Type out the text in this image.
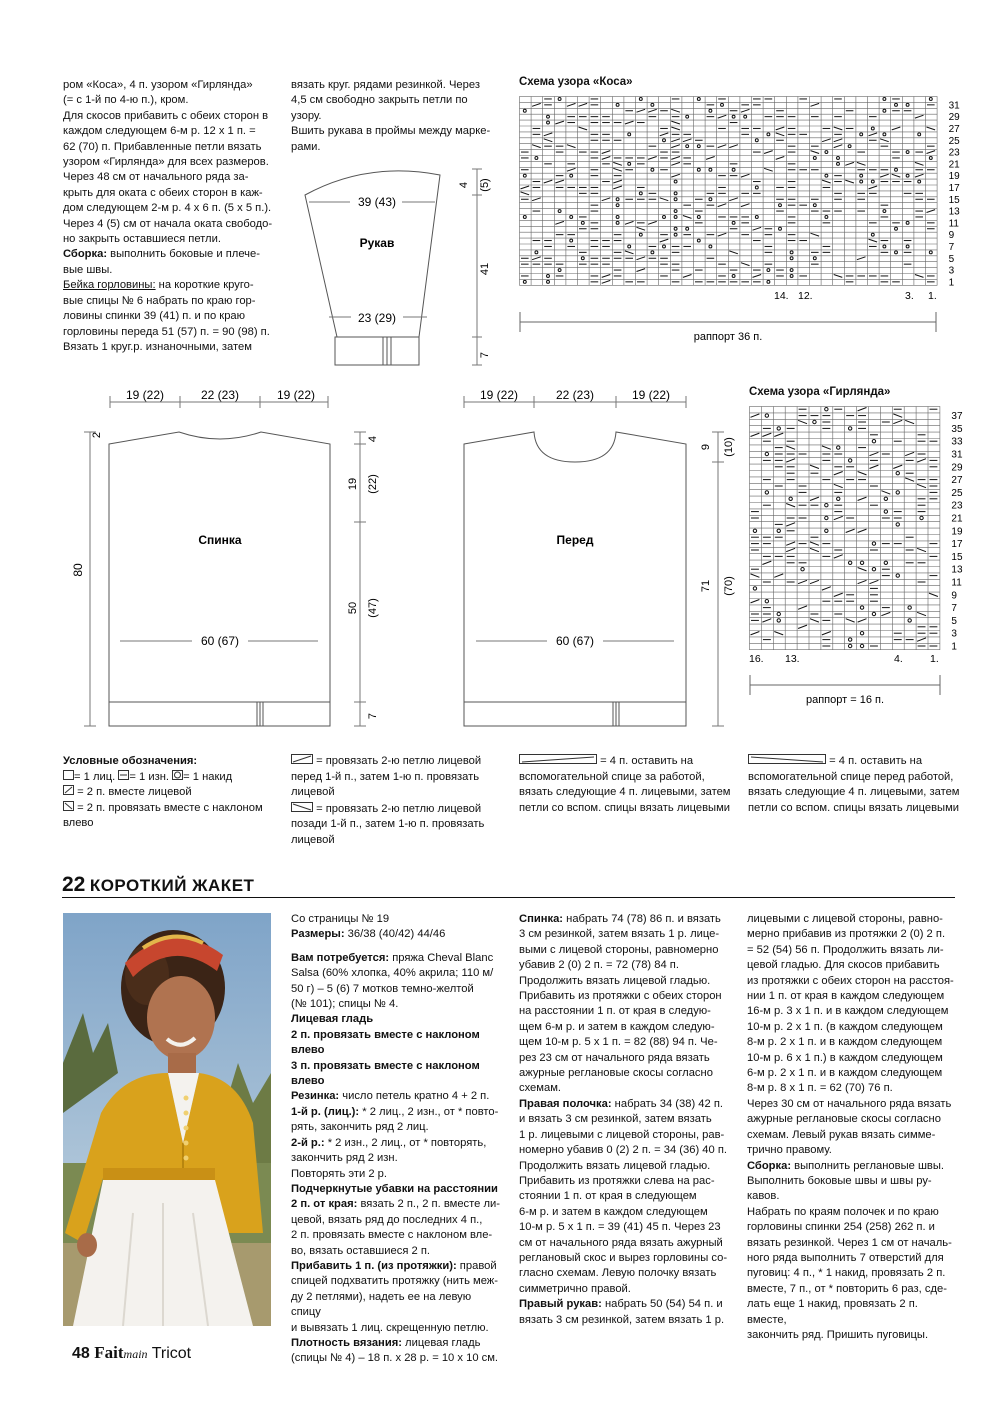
ром «Коса», 4 п. узором «Гирлянда»

(= с 1-й по 4-ю п.), кром.

Для скосов прибавить с обеих сторон в

каждом следующем 6-м р. 12 х 1 п. =

62 (70) п. Прибавленные петли вязать

узором «Гирлянда» для всех размеров.

Через 48 см от начального ряда за-

крыть для оката с обеих сторон в каж-

дом следующем 2-м р. 4 х 6 п. (5 х 5 п.).

Через 4 (5) см от начала оката свободо-

но закрыть оставшиеся петли.

Сборка: выполнить боковые и плече-

вые швы.

Бейка горловины: на короткие круго-

вые спицы № 6 набрать по краю гор-

ловины спинки 39 (41) п. и по краю

горловины переда 51 (57) п. = 90 (98) п.

Вязать 1 круг.р. изнаночными, затем

вязать круг. рядами резинкой. Через

4,5 см свободно закрыть петли по

узору.

Вшить рукава в проймы между марке-

рами.

39 (43)
Рукав
23 (29)
4 (5)
41
7
Схема узора «Коса»
31
29
27
25
23
21
19
17
15
13
11
9
7
5
3
1
14. 12.	3. 1.
раппорт 36 п.
19 (22)	22 (23)	19 (22)
Спинка
60 (67)
80
2
4
19 (22)
50 (47)
7
19 (22)	22 (23)	19 (22)
Перед
60 (67)
9 (10)
71 (70)
Схема узора «Гирлянда»
37
35
33
31
29
27
25
23
21
19
17
15
13
11
9
7
5
3
1
16. 13.	4.	1.
раппорт = 16 п.
Условные обозначения:
= 1 лиц. = 1 изн. = 1 накид
= 2 п. вместе лицевой
= 2 п. провязать вместе с наклоном
влево
= провязать 2-ю петлю лицевой
перед 1-й п., затем 1-ю п. провязать
лицевой
= провязать 2-ю петлю лицевой
позади 1-й п., затем 1-ю п. провязать
лицевой
= 4 п. оставить на
вспомогательной спице за работой,
вязать следующие 4 п. лицевыми, затем
петли со вспом. спицы вязать лицевыми
= 4 п. оставить на
вспомогательной спице перед работой,
вязать следующие 4 п. лицевыми, затем
петли со вспом. спицы вязать лицевыми
22 КОРОТКИЙ ЖАКЕТ

Со страницы № 19

Размеры: 36/38 (40/42) 44/46

Вам потребуется: пряжа Cheval Blanc

Salsa (60% хлопка, 40% акрила; 110 м/

50 г) – 5 (6) 7 мотков темно-желтой

(№ 101); спицы № 4.

Лицевая гладь

2 п. провязать вместе с наклоном влево

3 п. провязать вместе с наклоном влево

Резинка: число петель кратно 4 + 2 п.

1-й р. (лиц.): * 2 лиц., 2 изн., от * повто-

рять, закончить ряд 2 лиц.

2-й р.: * 2 изн., 2 лиц., от * повторять,

закончить ряд 2 изн.

Повторять эти 2 р.

Подчеркнутые убавки на расстоянии

2 п. от края: вязать 2 п., 2 п. вместе ли-

цевой, вязать ряд до последних 4 п.,

2 п. провязать вместе с наклоном вле-

во, вязать оставшиеся 2 п.

Прибавить 1 п. (из протяжки): правой

спицей подхватить протяжку (нить меж-

ду 2 петлями), надеть ее на левую спицу

и вывязать 1 лиц. скрещенную петлю.

Плотность вязания: лицевая гладь

(спицы № 4) – 18 п. х 28 р. = 10 х 10 см.

Спинка: набрать 74 (78) 86 п. и вязать

3 см резинкой, затем вязать 1 р. лице-

выми с лицевой стороны, равномерно

убавив 2 (0) 2 п. = 72 (78) 84 п.

Продолжить вязать лицевой гладью.

Прибавить из протяжки с обеих сторон

на расстоянии 1 п. от края в следую-

щем 6-м р. и затем в каждом следую-

щем 10-м р. 5 х 1 п. = 82 (88) 94 п. Че-

рез 23 см от начального ряда вязать

ажурные реглановые скосы согласно

схемам.

Правая полочка: набрать 34 (38) 42 п.

и вязать 3 см резинкой, затем вязать

1 р. лицевыми с лицевой стороны, рав-

номерно убавив 0 (2) 2 п. = 34 (36) 40 п.

Продолжить вязать лицевой гладью.

Прибавить из протяжки слева на рас-

стоянии 1 п. от края в следующем

6-м р. и затем в каждом следующем

10-м р. 5 х 1 п. = 39 (41) 45 п. Через 23

см от начального ряда вязать ажурный

реглановый скос и вырез горловины со-

гласно схемам. Левую полочку вязать

симметрично правой.

Правый рукав: набрать 50 (54) 54 п. и

вязать 3 см резинкой, затем вязать 1 р.

лицевыми с лицевой стороны, равно-

мерно прибавив из протяжки 2 (0) 2 п.

= 52 (54) 56 п. Продолжить вязать ли-

цевой гладью. Для скосов прибавить

из протяжки с обеих сторон на расстоя-

нии 1 п. от края в каждом следующем

16-м р. 3 х 1 п. и в каждом следующем

10-м р. 2 х 1 п. (в каждом следующем

8-м р. 2 х 1 п. и в каждом следующем

10-м р. 6 х 1 п.) в каждом следующем

6-м р. 2 х 1 п. и в каждом следующем

8-м р. 8 х 1 п. = 62 (70) 76 п.

Через 30 см от начального ряда вязать

ажурные реглановые скосы согласно

схемам. Левый рукав вязать симме-

трично правому.

Сборка: выполнить реглановые швы.

Выполнить боковые швы и швы ру-

кавов.

Набрать по краям полочек и по краю

горловины спинки 254 (258) 262 п. и

вязать резинкой. Через 1 см от началь-

ного ряда выполнить 7 отверстий для

пуговиц: 4 п., * 1 накид, провязать 2 п.

вместе, 7 п., от * повторить 6 раз, сде-

лать еще 1 накид, провязать 2 п. вместе,

закончить ряд. Пришить пуговицы.

48 Faitmain Tricot
